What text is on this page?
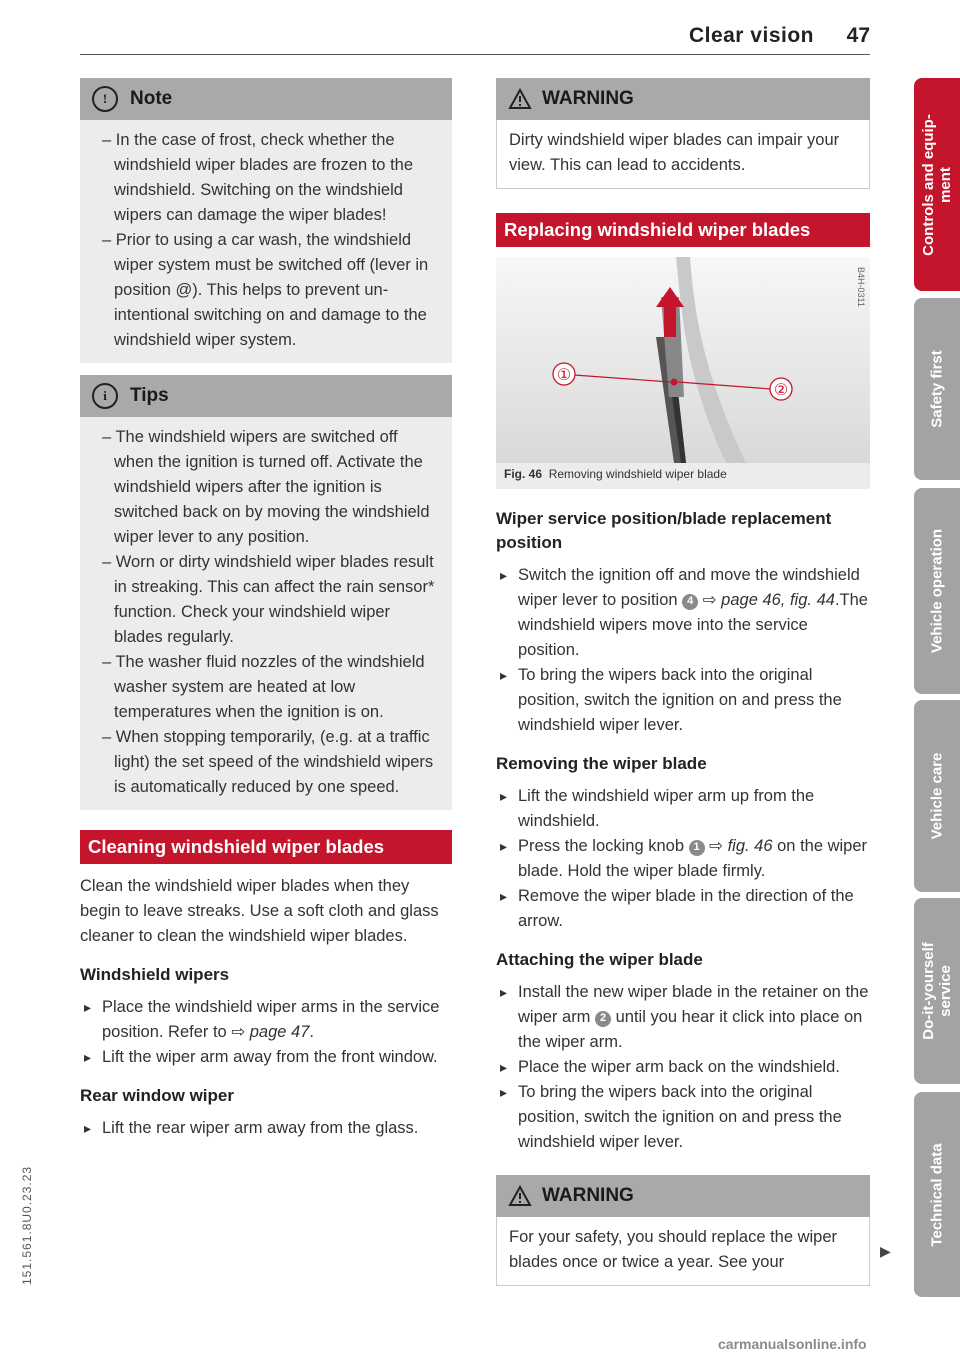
Clear vision 47
!	Note
– In the case of frost, check whether the windshield wiper blades are frozen to the windshield. Switching on the windshield wipers can damage the wiper blades!
– Prior to using a car wash, the windshield wiper system must be switched off (lever in position @). This helps to prevent unintentional switching on and damage to the windshield wiper system.
i	Tips
– The windshield wipers are switched off when the ignition is turned off. Activate the windshield wipers after the ignition is switched back on by moving the windshield wiper lever to any position.
– Worn or dirty windshield wiper blades result in streaking. This can affect the rain sensor* function. Check your windshield wiper blades regularly.
– The washer fluid nozzles of the windshield washer system are heated at low temperatures when the ignition is on.
– When stopping temporarily, (e.g. at a traffic light) the set speed of the windshield wipers is automatically reduced by one speed.
Cleaning windshield wiper blades
Clean the windshield wiper blades when they begin to leave streaks. Use a soft cloth and glass cleaner to clean the windshield wiper blades.
Windshield wipers
▸ Place the windshield wiper arms in the service position. Refer to ⇨ page 47.
▸ Lift the wiper arm away from the front window.
Rear window wiper
▸ Lift the rear wiper arm away from the glass.
WARNING
Dirty windshield wiper blades can impair your view. This can lead to accidents.
Replacing windshield wiper blades
①
②
B4H-0311
Fig. 46 Removing windshield wiper blade
Wiper service position/blade replacement position
▸ Switch the ignition off and move the windshield wiper lever to position 4 ⇨ page 46, fig. 44.The windshield wipers move into the service position.
▸ To bring the wipers back into the original position, switch the ignition on and press the windshield wiper lever.
Removing the wiper blade
▸ Lift the windshield wiper arm up from the windshield.
▸ Press the locking knob 1 ⇨ fig. 46 on the wiper blade. Hold the wiper blade firmly.
▸ Remove the wiper blade in the direction of the arrow.
Attaching the wiper blade
▸ Install the new wiper blade in the retainer on the wiper arm 2 until you hear it click into place on the wiper arm.
▸ Place the wiper arm back on the windshield.
▸ To bring the wipers back into the original position, switch the ignition on and press the windshield wiper lever.
WARNING
For your safety, you should replace the wiper blades once or twice a year. See your
▶
Controls and equip- ment
Safety first
Vehicle operation
Vehicle care
Do-it-yourself service
Technical data
151.561.8U0.23.23
carmanualsonline.info
